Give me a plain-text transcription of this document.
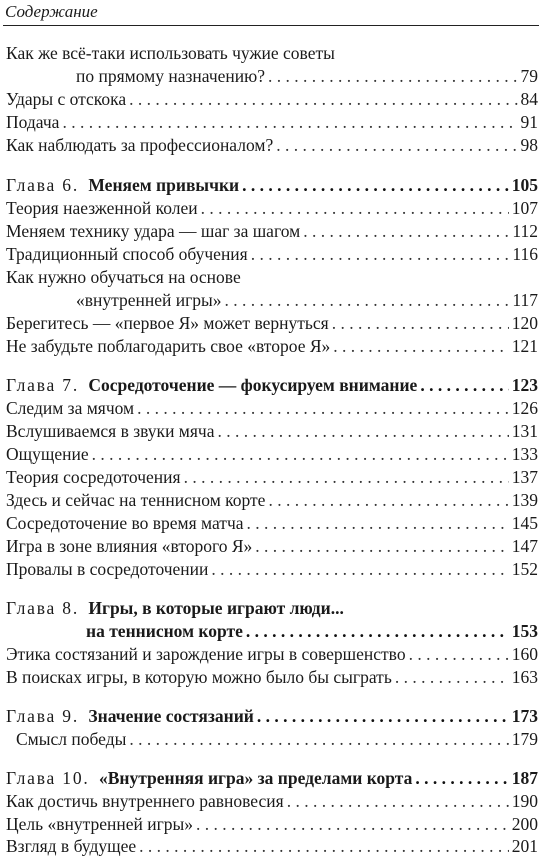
Содержание
Как же всё-таки использовать чужие советы
по прямому назначению? . . .	79
Удары с отскока . . .	84
Подача . . .	91
Как наблюдать за профессионалом? . . .	98
Глава 6. Меняем привычки . . .	105
Теория наезженной колеи . . .	107
Меняем технику удара — шаг за шагом . . .	112
Традиционный способ обучения . . .	116
Как нужно обучаться на основе
«внутренней игры» . . .	117
Берегитесь — «первое Я» может вернуться . . .	120
Не забудьте поблагодарить свое «второе Я» . . .	121
Глава 7. Сосредоточение — фокусируем внимание . . .	123
Следим за мячом . . .	126
Вслушиваемся в звуки мяча . . .	131
Ощущение . . .	133
Теория сосредоточения . . .	137
Здесь и сейчас на теннисном корте . . .	139
Сосредоточение во время матча . . .	145
Игра в зоне влияния «второго Я» . . .	147
Провалы в сосредоточении . . .	152
Глава 8. Игры, в которые играют люди...
на теннисном корте . . .	153
Этика состязаний и зарождение игры в совершенство . . .	160
В поисках игры, в которую можно было бы сыграть . . .	163
Глава 9. Значение состязаний . . .	173
Смысл победы . . .	179
Глава 10. «Внутренняя игра» за пределами корта . . .	187
Как достичь внутреннего равновесия . . .	190
Цель «внутренней игры» . . .	200
Взгляд в будущее . . .	201
